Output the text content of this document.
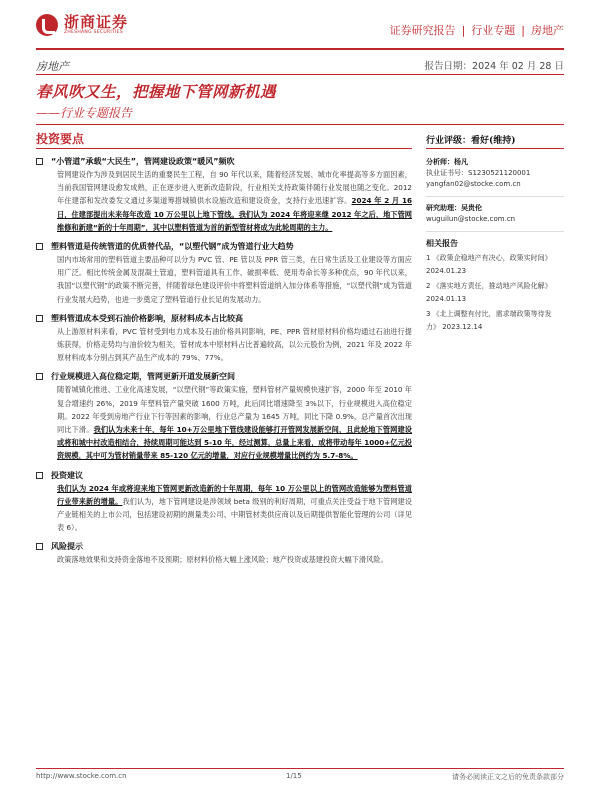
浙商证券
ZHESHANG SECURITIES	证券研究报告 | 行业专题 | 房地产
房地产	报告日期：2024 年 02 月 28 日
春风吹又生，把握地下管网新机遇
——行业专题报告
投资要点
“小管道”承载“大民生”，管网建设政策“暖风”频吹
管网建设作为涉及到居民生活的重要民生工程，自 90 年代以来，随着经济发展、城市化率提高等多方面因素，当前我国管网建设愈发成熟，正在逐步进入更新改造阶段，行业相关支持政策伴随行业发展也随之变化。2012 年住建部和发改委发文通过多渠道筹措城镇供水设施改造和建设资金，支持行业迅速扩容。2024 年 2 月 16 日，住建部提出未来每年改造 10 万公里以上地下管线。我们认为 2024 年将迎来继 2012 年之后，地下管网维修和新建“新的十年周期”，其中以塑料管道为首的新型管材将成为此轮周期的主力。
塑料管道是传统管道的优质替代品，“以塑代钢”成为管道行业大趋势
国内市场常用的塑料管道主要品种可以分为 PVC 管、PE 管以及 PPR 管三类，在日常生活及工业建设等方面应用广泛。相比传统金属及混凝土管道，塑料管道具有工作、破损率低、使用寿命长等多种优点，90 年代以来，我国“以塑代钢”的政策不断完善，伴随着绿色建设评价中将塑料管道纳入加分体系等措施，“以塑代钢”成为管道行业发展大趋势，也进一步奠定了塑料管道行业长足的发展动力。
塑料管道成本受到石油价格影响，原材料成本占比较高
从上游原材料来看，PVC 管材受到电力成本及石油价格具同影响，PE、PPR 管材原材料价格均通过石油进行提炼获得，价格走势均与油价较为相关，管材成本中原材料占比普遍较高，以公元股份为例，2021 年及 2022 年原材料成本分别占到其产品生产成本的 79%、77%。
行业规模进入高位稳定期，管网更新开道发展新空间
随着城镇化推进、工业化高速发展，“以塑代钢”等政策实施，塑料管材产量规模快速扩容，2000 年至 2010 年复合增速约 26%，2019 年塑料管产量突破 1600 万吨，此后同比增速降至 3%以下，行业规模进入高位稳定期。2022 年受到房地产行业下行等因素的影响，行业总产量为 1645 万吨，同比下降 0.9%，总产量首次出现同比下滑。我们认为未来十年，每年 10+万公里地下管线建设能够打开管网发展新空间，且此轮地下管网建设或将和城中村改造相结合，持续周期可能达到 5-10 年，经过测算，总量上来看，或将带动每年 1000+亿元投资规模，其中可为管材销量带来 85-120 亿元的增量，对应行业规模增量比例约为 5.7-8%。
投资建议
我们认为 2024 年或将迎来地下管网更新改造新的十年周期，每年 10 万公里以上的管网改造能够为塑料管道行业带来新的增量。我们认为，地下管网建设是涉领域 beta 级别的利好周期，可重点关注受益于地下管网建设产业链相关的上市公司，包括建设初期的测量类公司、中期管材类供应商以及后期提供智能化管理的公司（详见表 6）。
风险提示
政策落地效果和支持资金落地不及预期；原材料价格大幅上涨风险；地产投资或基建投资大幅下滑风险。
行业评级：看好(维持)
分析师：杨凡
执业证书号：S1230521120001
yangfan02@stocke.com.cn
研究助理：吴贵伦
wuguilun@stocke.com.cn
相关报告
1 《政策企稳地产有决心，政策实时间》 2024.01.23
2 《落实地方责任，推动地产风险化解》 2024.01.13
3 《北上调整有付比，需求端政策等待发力》 2023.12.14
http://www.stocke.com.cn	1/15	请务必阅读正文之后的免责条款部分
